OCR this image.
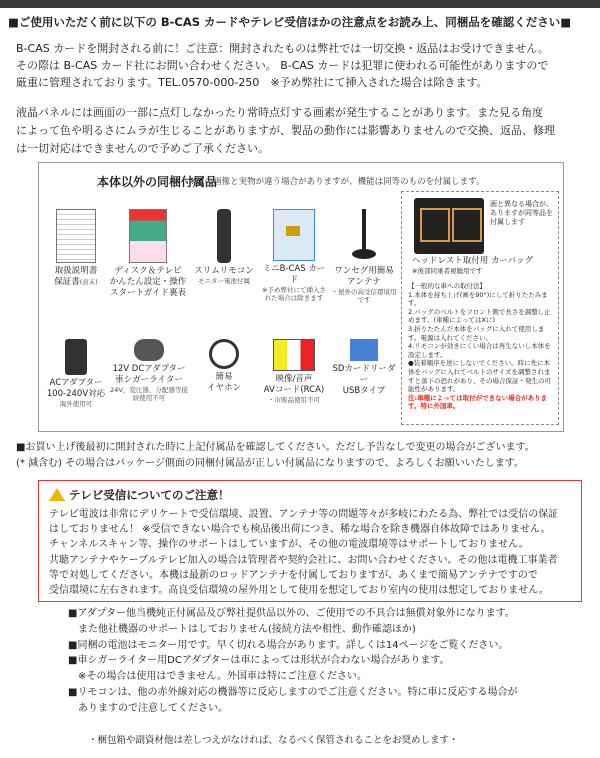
■ご使用いただく前に以下の B-CAS カードやテレビ受信ほかの注意点をお読み上、同梱品を確認ください■
B-CAS カードを開封される前に！ご注意：開封されたものは弊社では一切交換・返品はお受けできません。
その際は B-CAS カード社にお問い合わせください。 B-CAS カードは犯罪に使われる可能性がありますので
厳重に管理されております。TEL.0570-000-250　※予め弊社にて挿入された場合は除きます。
液晶パネルには画面の一部に点灯しなかったり常時点灯する画素が発生することがあります。また見る角度
によって色や明るさにムラが生じることがありますが、製品の動作には影響ありませんので交換、返品、修理
は一切対応はできませんので予めご了承ください。
本体以外の同梱付属品
※下の画像と実物が違う場合がありますが、機能は同等のものを付属します。
取扱説明書
保証書(貢末)
ディスク＆テレビ
かんたん設定・操作
スタートガイド裏表
スリムリモコン
モニター電池付属
ミニB-CAS カード
※予め弊社にて挿入された場合は除きます
ワンセグ用簡易
アンテナ
・屋外の高受信環境用です
ACアダプター
100-240V対応
海外使用可
12V DCアダプター
車シガーライター
24V、変圧器、分配器等接続使用不可
簡易
イヤホン
映像/音声
AVコード(RCA)
・市販品使用不可
SDカードリーダー
USBタイプ
画と異なる場合が、ありますが同等品を付属します
ヘッドレスト取付用 カーバッグ
※後部同乗者視聴用です
【一般的な車への取付法】
1.本体を持ち上げ(画を90°)にして折りたたみます。
2.バッグのベルトをフロント側で長さを調整し止めます。(車種によってはXに)
3.折りたたんだ本体をバッグに入れて使用します。電源は入れてください。
4.リモコンが効きにくい場合は再生ないし本体を設定します。
●装着順序を逆にしないでください。時に先に本体をバッグに入れてベルトのサイズを調整されますと落下の恐れがあり、その場合保証・発生の可能性があります。
注:車種によっては取付ができない場合があります。特に外国車。
■お買い上げ後最初に開封された時に上記付属品を確認してください。ただし予告なしで変更の場合がございます。
(* 減含む) その場合はパッケージ側面の同梱付属品が正しい付属品になりますので、よろしくお願いいたします。
テレビ受信についてのご注意！
テレビ電波は非常にデリケートで受信環境、設置、アンテナ等の問題等々が多岐にわたる為、弊社では受信の保証
はしておりません！ ※受信できない場合でも検品後出荷につき、稀な場合を除き機器自体故障ではありません。
チャンネルスキャン等、操作のサポートはしていますが、その他の電波環境等はサポートしておりません。
共聴アンテナやケーブルテレビ加入の場合は管理者や契約会社に、お問い合わせください。その他は電機工事業者
等で対処してください。本機は最新のロッドアンテナを付属しておりますが、あくまで簡易アンテナですので
受信環境に左右されます。高良受信環境の屋外用として使用を想定しており室内の使用は想定しておりません。
■アダプター他当機純正付属品及び弊社提供品以外の、ご使用での不具合は無償対象外になります。
　また他社機器のサポートはしておりません(接続方法や相性、動作確認ほか)
■同梱の電池はモニター用です。早く切れる場合があります。詳しくは14ページをご覧ください。
■車シガーライター用DCアダプターは車によっては形状が合わない場合があります。
　※その場合は使用はできません。外国車は特にご注意ください。
■リモコンは、他の赤外線対応の機器等に反応しますのでご注意ください。特に車に反応する場合が
　ありますので注意してください。
・梱包箱や副資材他は差しつえがなければ、なるべく保管されることをお奨めします・
